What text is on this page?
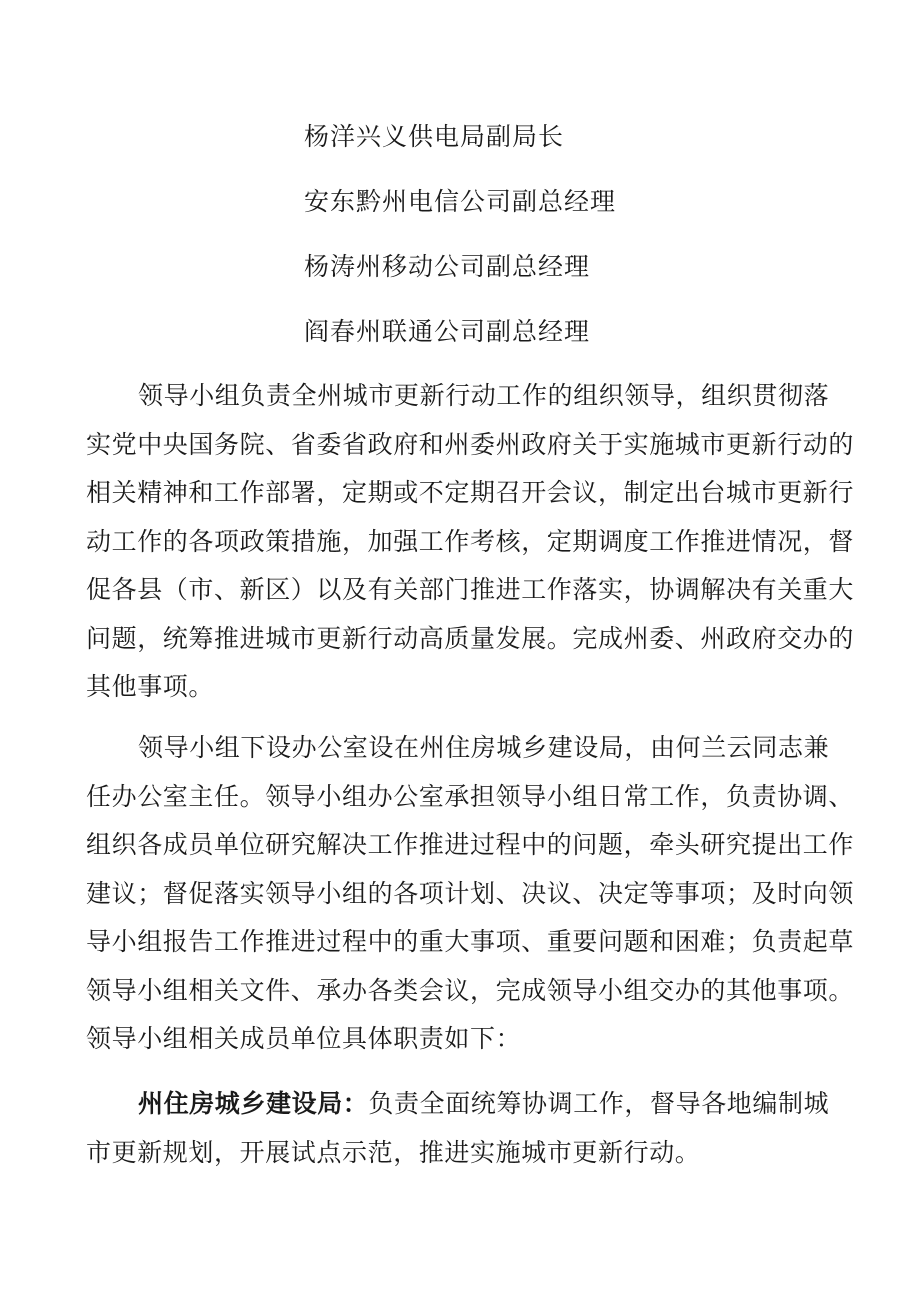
杨洋兴义供电局副局长
安东黔州电信公司副总经理
杨涛州移动公司副总经理
阎春州联通公司副总经理
领导小组负责全州城市更新行动工作的组织领导，组织贯彻落
实党中央国务院、省委省政府和州委州政府关于实施城市更新行动的
相关精神和工作部署，定期或不定期召开会议，制定出台城市更新行
动工作的各项政策措施，加强工作考核，定期调度工作推进情况，督
促各县（市、新区）以及有关部门推进工作落实，协调解决有关重大
问题，统筹推进城市更新行动高质量发展。完成州委、州政府交办的
其他事项。
领导小组下设办公室设在州住房城乡建设局，由何兰云同志兼
任办公室主任。领导小组办公室承担领导小组日常工作，负责协调、
组织各成员单位研究解决工作推进过程中的问题，牵头研究提出工作
建议；督促落实领导小组的各项计划、决议、决定等事项；及时向领
导小组报告工作推进过程中的重大事项、重要问题和困难；负责起草
领导小组相关文件、承办各类会议，完成领导小组交办的其他事项。
领导小组相关成员单位具体职责如下：
州住房城乡建设局：负责全面统筹协调工作，督导各地编制城
市更新规划，开展试点示范，推进实施城市更新行动。
